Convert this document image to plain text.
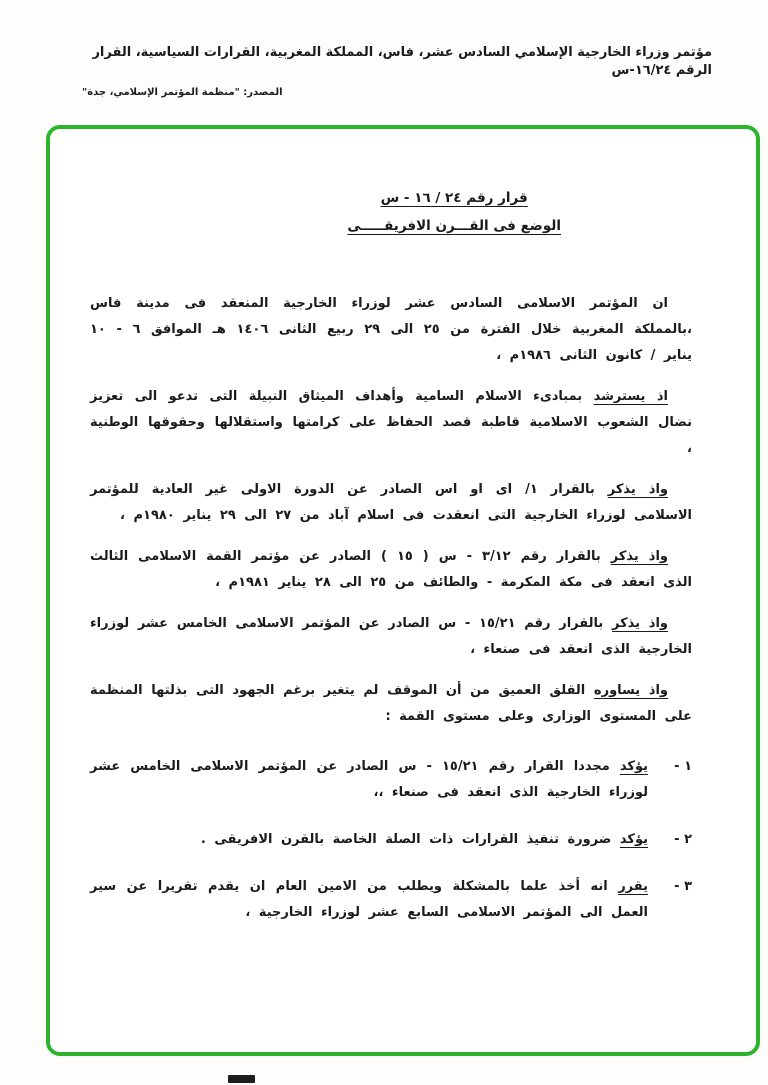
مؤتمر وزراء الخارجية الإسلامي السادس عشر، فاس، المملكة المغربية، القرارات السياسية، القرار الرقم ١٦/٢٤-س
المصدر: "منظمة المؤتمر الإسلامي، جدة"
قرار رقم ٢٤ / ١٦ - س
الوضع فى القـــرن الافريقـــــى

ان المؤتمر الاسلامى السادس عشر لوزراء الخارجية المنعقد فى مدينة فاس ،بالمملكة المغربية خلال الفترة من ٢٥ الى ٢٩ ربيع الثانى ١٤٠٦ هـ الموافق ٦ - ١٠ يناير / كانون الثانى ١٩٨٦م ،

اذ يسترشد بمبادىء الاسلام السامية وأهداف الميثاق النبيلة التى تدعو الى تعزيز نضال الشعوب الاسلامية قاطبة قصد الحفاظ على كرامتها واستقلالها وحقوقها الوطنية ،

واذ يذكر بالقرار ١/ اى او اس الصادر عن الدورة الاولى غير العادية للمؤتمر الاسلامى لوزراء الخارجية التى انعقدت فى اسلام آباد من ٢٧ الى ٢٩ يناير ١٩٨٠م ،

واذ يذكر بالقرار رقم ٣/١٢ - س ( ١٥ ) الصادر عن مؤتمر القمة الاسلامى الثالث الذى انعقد فى مكة المكرمة - والطائف من ٢٥ الى ٢٨ يناير ١٩٨١م ،

واذ يذكر بالقرار رقم ١٥/٢١ - س الصادر عن المؤتمر الاسلامى الخامس عشر لوزراء الخارجية الذى انعقد فى صنعاء ،

واذ يساوره القلق العميق من أن الموقف لم يتغير برغم الجهود التى بذلتها المنظمة على المستوى الوزارى وعلى مستوى القمة :

١ -
يؤكد مجددا القرار رقم ١٥/٢١ - س الصادر عن المؤتمر الاسلامى الخامس عشر لوزراء الخارجية الذى انعقد فى صنعاء ،،
٢ -
يؤكد ضرورة تنفيذ القرارات ذات الصلة الخاصة بالقرن الافريقى .
٣ -
يقرر انه أخذ علما بالمشكلة ويطلب من الامين العام ان يقدم تقريرا عن سير العمل الى المؤتمر الاسلامى السابع عشر لوزراء الخارجية ،
